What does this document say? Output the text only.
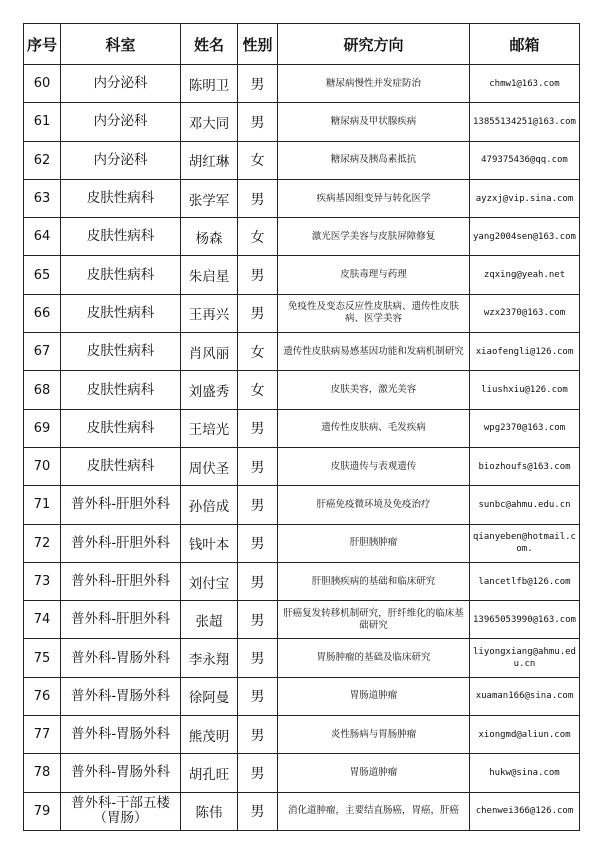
序号	科室	姓名	性别	研究方向	邮箱
60	内分泌科	陈明卫	男	糖尿病慢性并发症防治	chmw1@163.com
61	内分泌科	邓大同	男	糖尿病及甲状腺疾病	13855134251@163.com
62	内分泌科	胡红琳	女	糖尿病及胰岛素抵抗	479375436@qq.com
63	皮肤性病科	张学军	男	疾病基因组变异与转化医学	ayzxj@vip.sina.com
64	皮肤性病科	杨森	女	激光医学美容与皮肤屏障修复	yang2004sen@163.com
65	皮肤性病科	朱启星	男	皮肤毒理与药理	zqxing@yeah.net
66	皮肤性病科	王再兴	男	免疫性及变态反应性皮肤病、遗传性皮肤病、医学美容	wzx2370@163.com
67	皮肤性病科	肖风丽	女	遗传性皮肤病易感基因功能和发病机制研究	xiaofengli@126.com
68	皮肤性病科	刘盛秀	女	皮肤美容，激光美容	liushxiu@126.com
69	皮肤性病科	王培光	男	遗传性皮肤病、毛发疾病	wpg2370@163.com
70	皮肤性病科	周伏圣	男	皮肤遗传与表观遗传	biozhoufs@163.com
71	普外科-肝胆外科	孙倍成	男	肝癌免疫微环境及免疫治疗	sunbc@ahmu.edu.cn
72	普外科-肝胆外科	钱叶本	男	肝胆胰肿瘤	qianyeben@hotmail.com.
73	普外科-肝胆外科	刘付宝	男	肝胆胰疾病的基础和临床研究	lancetlfb@126.com
74	普外科-肝胆外科	张超	男	肝癌复发转移机制研究，肝纤维化的临床基础研究	13965053990@163.com
75	普外科-胃肠外科	李永翔	男	胃肠肿瘤的基础及临床研究	liyongxiang@ahmu.edu.cn
76	普外科-胃肠外科	徐阿曼	男	胃肠道肿瘤	xuaman166@sina.com
77	普外科-胃肠外科	熊茂明	男	炎性肠病与胃肠肿瘤	xiongmd@aliun.com
78	普外科-胃肠外科	胡孔旺	男	胃肠道肿瘤	hukw@sina.com
79	普外科-干部五楼（胃肠）	陈伟	男	消化道肿瘤，主要结直肠癌，胃癌，肝癌	chenwei366@126.com
